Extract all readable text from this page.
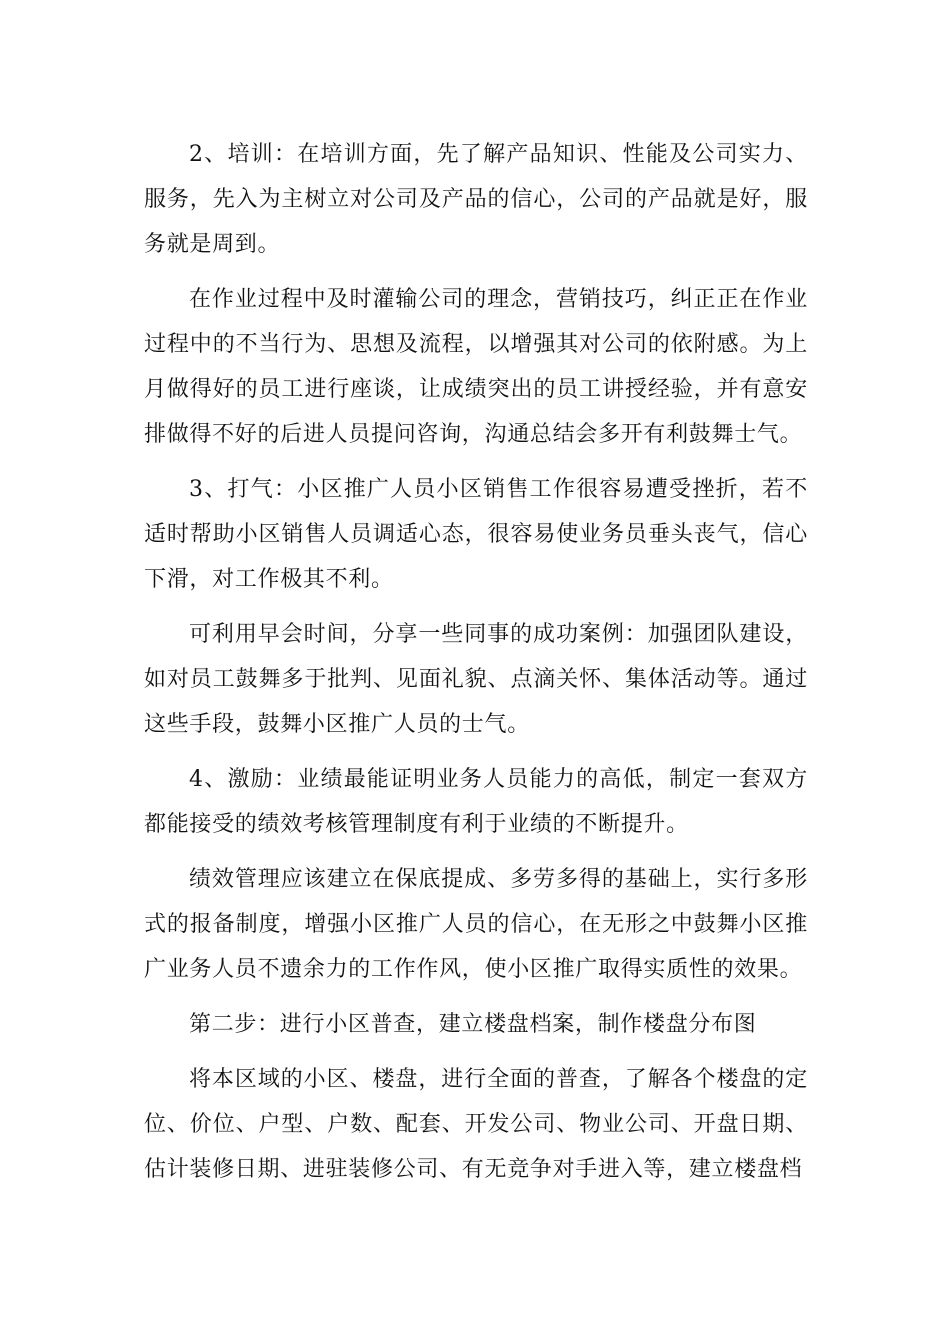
2、培训：在培训方面，先了解产品知识、性能及公司实力、服务，先入为主树立对公司及产品的信心，公司的产品就是好，服务就是周到。

在作业过程中及时灌输公司的理念，营销技巧，纠正正在作业过程中的不当行为、思想及流程，以增强其对公司的依附感。为上月做得好的员工进行座谈，让成绩突出的员工讲授经验，并有意安排做得不好的后进人员提问咨询，沟通总结会多开有利鼓舞士气。

3、打气：小区推广人员小区销售工作很容易遭受挫折，若不适时帮助小区销售人员调适心态，很容易使业务员垂头丧气，信心下滑，对工作极其不利。

可利用早会时间，分享一些同事的成功案例：加强团队建设，如对员工鼓舞多于批判、见面礼貌、点滴关怀、集体活动等。通过这些手段，鼓舞小区推广人员的士气。

4、激励：业绩最能证明业务人员能力的高低，制定一套双方都能接受的绩效考核管理制度有利于业绩的不断提升。

绩效管理应该建立在保底提成、多劳多得的基础上，实行多形式的报备制度，增强小区推广人员的信心，在无形之中鼓舞小区推广业务人员不遗余力的工作作风，使小区推广取得实质性的效果。

第二步：进行小区普查，建立楼盘档案，制作楼盘分布图

将本区域的小区、楼盘，进行全面的普查，了解各个楼盘的定位、价位、户型、户数、配套、开发公司、物业公司、开盘日期、估计装修日期、进驻装修公司、有无竞争对手进入等，建立楼盘档
